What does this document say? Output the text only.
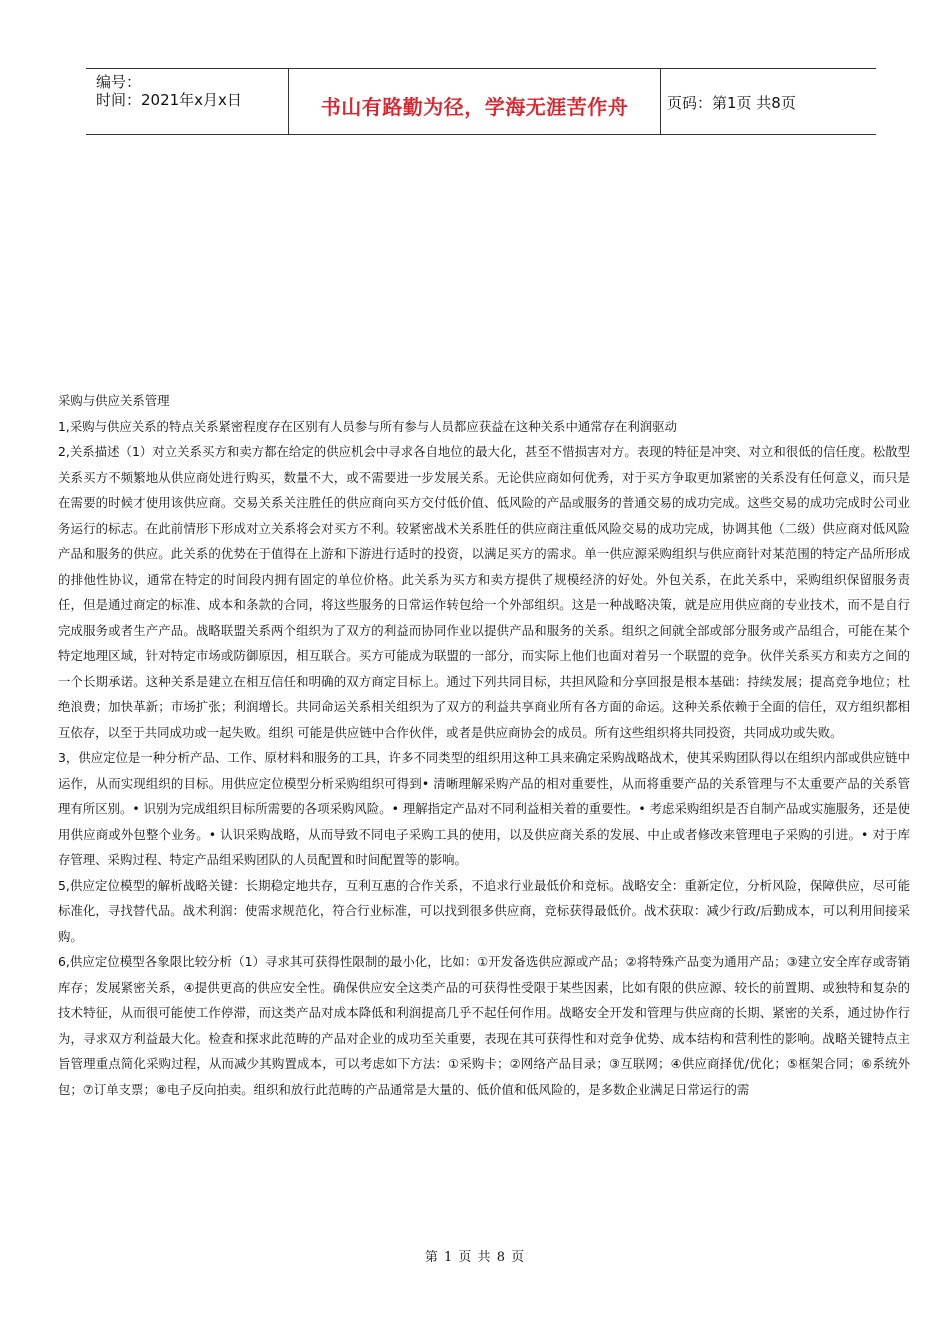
编号：
时间：2021年x月x日	书山有路勤为径，学海无涯苦作舟	页码：第1页 共8页

采购与供应关系管理

1,采购与供应关系的特点关系紧密程度存在区别有人员参与所有参与人员都应获益在这种关系中通常存在利润驱动

2,关系描述（1）对立关系买方和卖方都在给定的供应机会中寻求各自地位的最大化，甚至不惜损害对方。表现的特征是冲突、对立和很低的信任度。松散型关系买方不频繁地从供应商处进行购买，数量不大，或不需要进一步发展关系。无论供应商如何优秀，对于买方争取更加紧密的关系没有任何意义，而只是在需要的时候才使用该供应商。交易关系关注胜任的供应商向买方交付低价值、低风险的产品或服务的普通交易的成功完成。这些交易的成功完成时公司业务运行的标志。在此前情形下形成对立关系将会对买方不利。较紧密战术关系胜任的供应商注重低风险交易的成功完成，协调其他（二级）供应商对低风险产品和服务的供应。此关系的优势在于值得在上游和下游进行适时的投资，以满足买方的需求。单一供应源采购组织与供应商针对某范围的特定产品所形成的排他性协议，通常在特定的时间段内拥有固定的单位价格。此关系为买方和卖方提供了规模经济的好处。外包关系，在此关系中，采购组织保留服务责任，但是通过商定的标准、成本和条款的合同，将这些服务的日常运作转包给一个外部组织。这是一种战略决策，就是应用供应商的专业技术，而不是自行完成服务或者生产产品。战略联盟关系两个组织为了双方的利益而协同作业以提供产品和服务的关系。组织之间就全部或部分服务或产品组合，可能在某个特定地理区域，针对特定市场或防御原因，相互联合。买方可能成为联盟的一部分，而实际上他们也面对着另一个联盟的竞争。伙伴关系买方和卖方之间的一个长期承诺。这种关系是建立在相互信任和明确的双方商定目标上。通过下列共同目标，共担风险和分享回报是根本基础：持续发展；提高竞争地位；杜绝浪费；加快革新；市场扩张；利润增长。共同命运关系相关组织为了双方的利益共享商业所有各方面的命运。这种关系依赖于全面的信任，双方组织都相互依存，以至于共同成功或一起失败。组织 可能是供应链中合作伙伴，或者是供应商协会的成员。所有这些组织将共同投资，共同成功或失败。

3，供应定位是一种分析产品、工作、原材料和服务的工具，许多不同类型的组织用这种工具来确定采购战略战术，使其采购团队得以在组织内部或供应链中运作，从而实现组织的目标。用供应定位模型分析采购组织可得到• 清晰理解采购产品的相对重要性，从而将重要产品的关系管理与不太重要产品的关系管理有所区别。• 识别为完成组织目标所需要的各项采购风险。• 理解指定产品对不同利益相关着的重要性。• 考虑采购组织是否自制产品或实施服务，还是使用供应商或外包整个业务。• 认识采购战略，从而导致不同电子采购工具的使用，以及供应商关系的发展、中止或者修改来管理电子采购的引进。• 对于库存管理、采购过程、特定产品组采购团队的人员配置和时间配置等的影响。

5,供应定位模型的解析战略关键：长期稳定地共存，互利互惠的合作关系，不追求行业最低价和竞标。战略安全：重新定位，分析风险，保障供应，尽可能标准化，寻找替代品。战术利润：使需求规范化，符合行业标准，可以找到很多供应商，竞标获得最低价。战术获取：减少行政/后勤成本，可以利用间接采购。

6,供应定位模型各象限比较分析（1）寻求其可获得性限制的最小化，比如：①开发备选供应源或产品；②将特殊产品变为通用产品；③建立安全库存或寄销库存；发展紧密关系，④提供更高的供应安全性。确保供应安全这类产品的可获得性受限于某些因素，比如有限的供应源、较长的前置期、或独特和复杂的技术特征，从而很可能使工作停滞，而这类产品对成本降低和利润提高几乎不起任何作用。战略安全开发和管理与供应商的长期、紧密的关系，通过协作行为，寻求双方利益最大化。检查和探求此范畴的产品对企业的成功至关重要，表现在其可获得性和对竞争优势、成本结构和营利性的影响。战略关键特点主旨管理重点简化采购过程，从而减少其购置成本，可以考虑如下方法：①采购卡；②网络产品目录；③互联网；④供应商择优/优化；⑤框架合同；⑥系统外包；⑦订单支票；⑧电子反向拍卖。组织和放行此范畴的产品通常是大量的、低价值和低风险的，是多数企业满足日常运行的需

第 1 页 共 8 页
